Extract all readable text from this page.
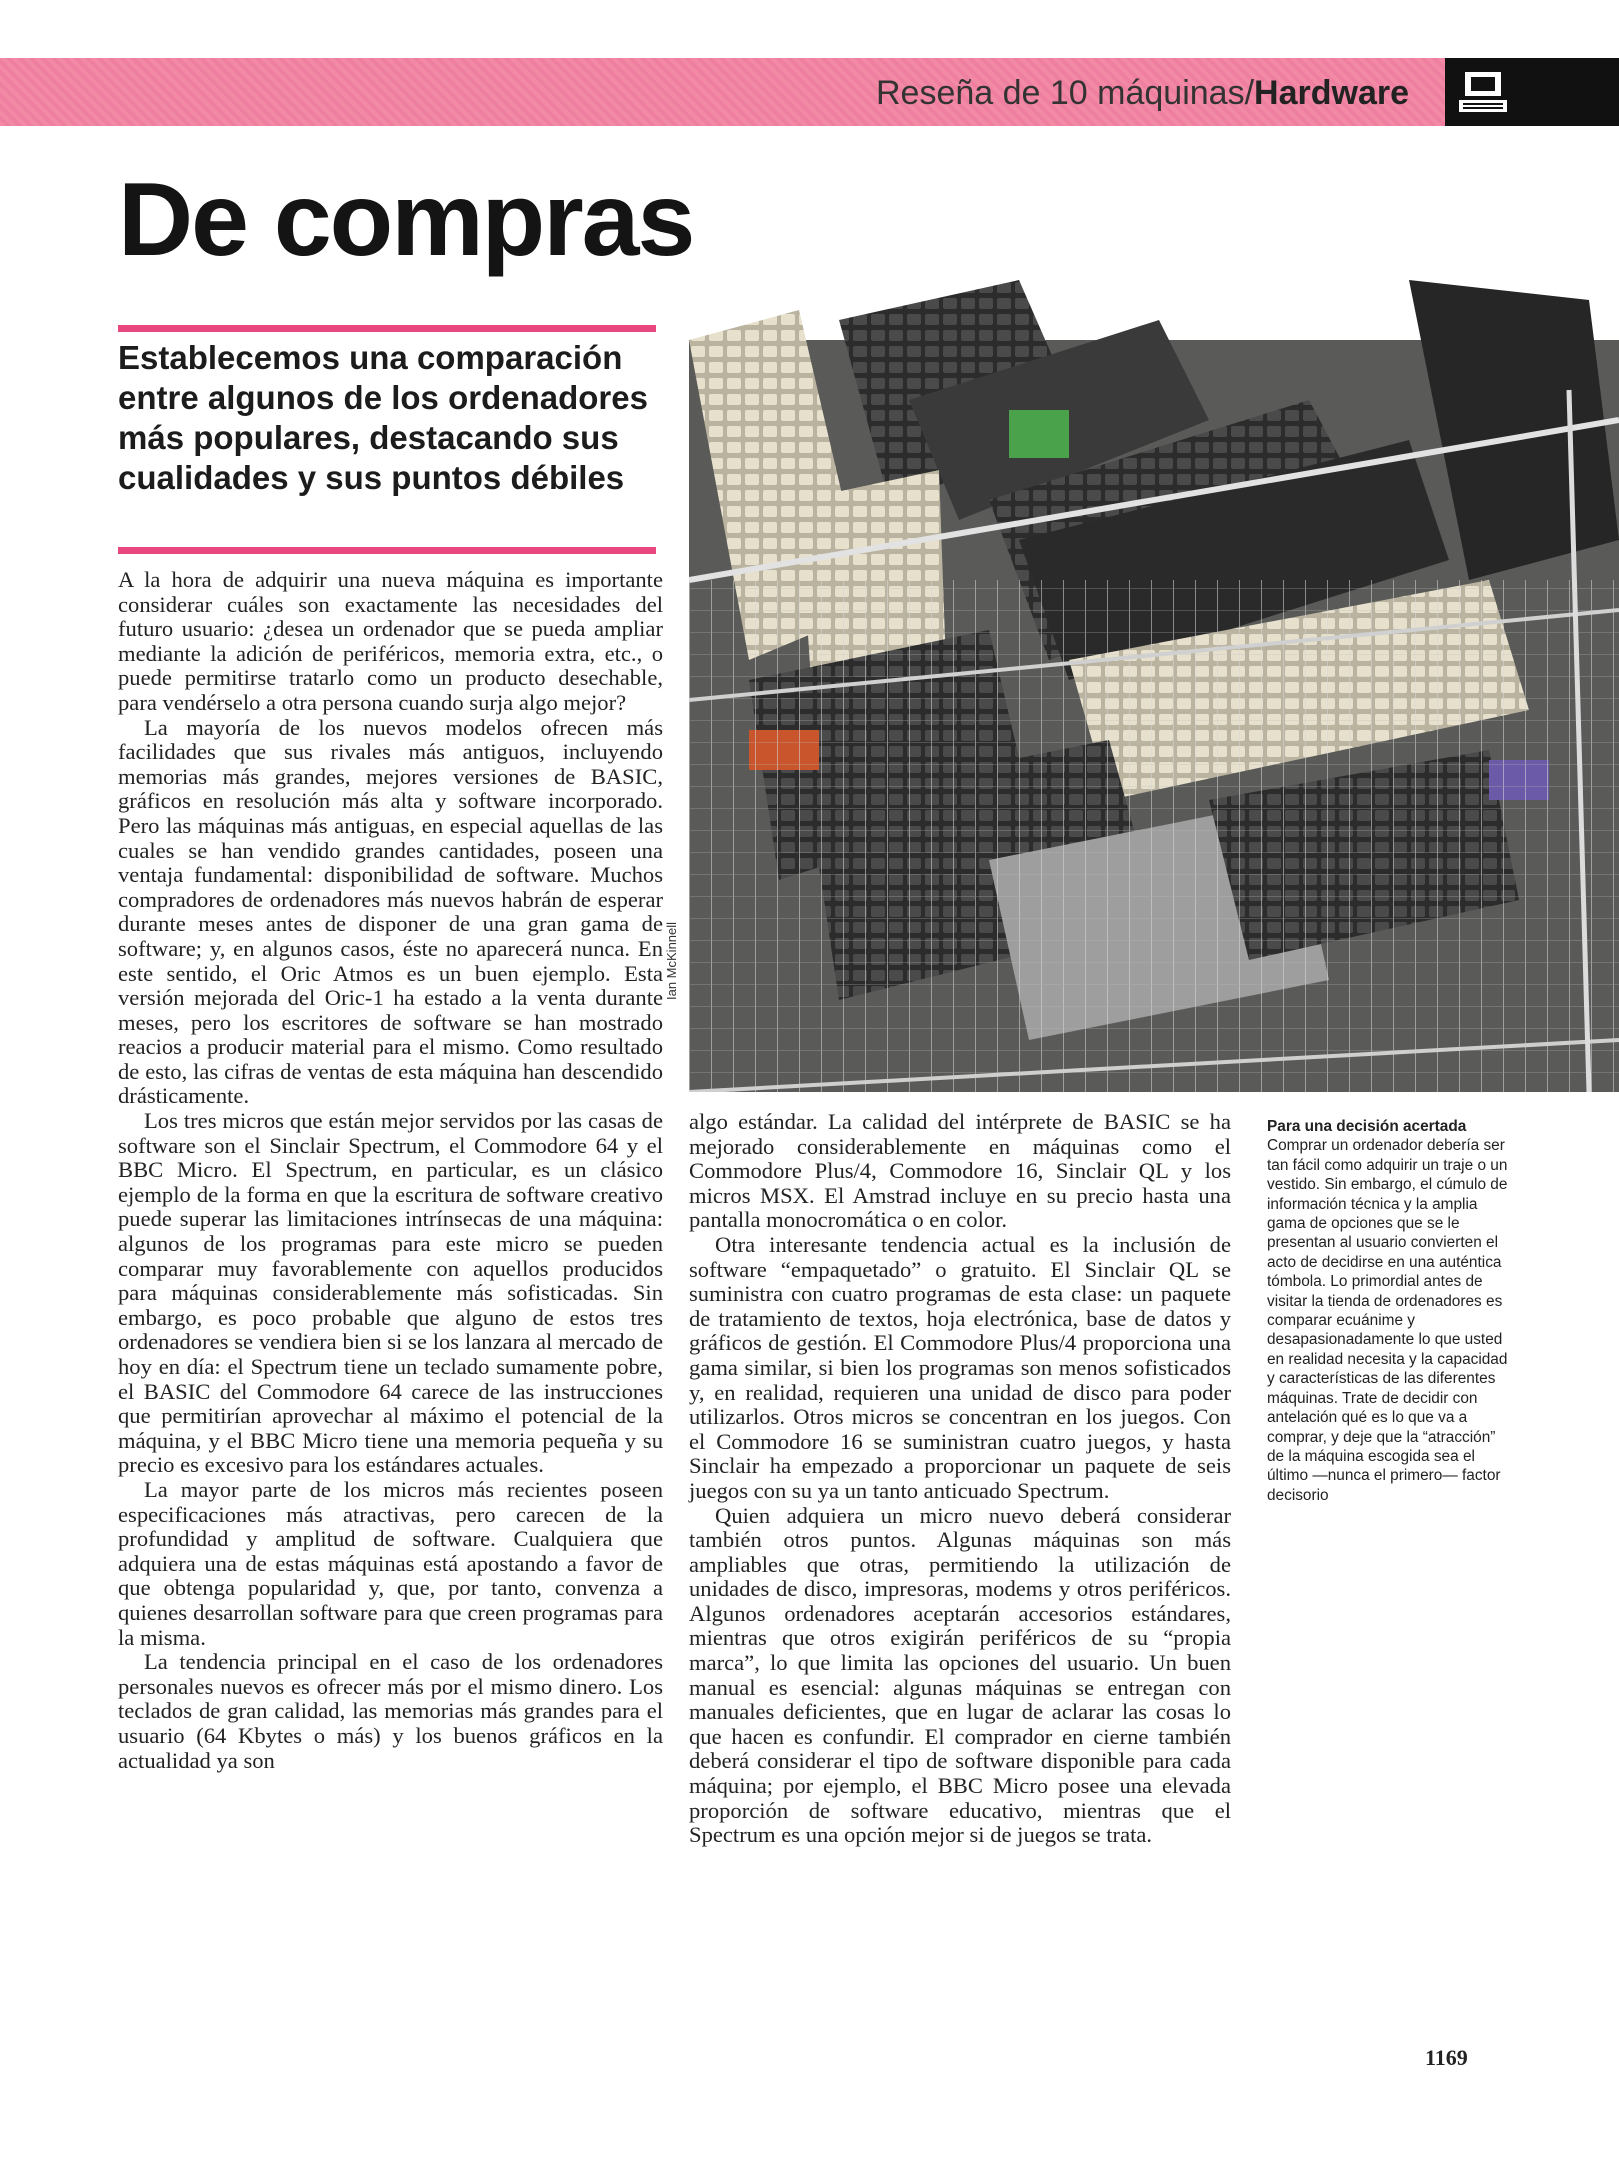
Reseña de 10 máquinas/Hardware
De compras
Establecemos una comparación entre algunos de los ordenadores más populares, destacando sus cualidades y sus puntos débiles

A la hora de adquirir una nueva máquina es importante considerar cuáles son exactamente las necesidades del futuro usuario: ¿desea un ordenador que se pueda ampliar mediante la adición de periféricos, memoria extra, etc., o puede permitirse tratarlo como un producto desechable, para vendérselo a otra persona cuando surja algo mejor?

La mayoría de los nuevos modelos ofrecen más facilidades que sus rivales más antiguos, incluyendo memorias más grandes, mejores versiones de BASIC, gráficos en resolución más alta y software incorporado. Pero las máquinas más antiguas, en especial aquellas de las cuales se han vendido grandes cantidades, poseen una ventaja fundamental: disponibilidad de software. Muchos compradores de ordenadores más nuevos habrán de esperar durante meses antes de disponer de una gran gama de software; y, en algunos casos, éste no aparecerá nunca. En este sentido, el Oric Atmos es un buen ejemplo. Esta versión mejorada del Oric-1 ha estado a la venta durante meses, pero los escritores de software se han mostrado reacios a producir material para el mismo. Como resultado de esto, las cifras de ventas de esta máquina han descendido drásticamente.

Los tres micros que están mejor servidos por las casas de software son el Sinclair Spectrum, el Commodore 64 y el BBC Micro. El Spectrum, en particular, es un clásico ejemplo de la forma en que la escritura de software creativo puede superar las limitaciones intrínsecas de una máquina: algunos de los programas para este micro se pueden comparar muy favorablemente con aquellos producidos para máquinas considerablemente más sofisticadas. Sin embargo, es poco probable que alguno de estos tres ordenadores se vendiera bien si se los lanzara al mercado de hoy en día: el Spectrum tiene un teclado sumamente pobre, el BASIC del Commodore 64 carece de las instrucciones que permitirían aprovechar al máximo el potencial de la máquina, y el BBC Micro tiene una memoria pequeña y su precio es excesivo para los estándares actuales.

La mayor parte de los micros más recientes poseen especificaciones más atractivas, pero carecen de la profundidad y amplitud de software. Cualquiera que adquiera una de estas máquinas está apostando a favor de que obtenga popularidad y, que, por tanto, convenza a quienes desarrollan software para que creen programas para la misma.

La tendencia principal en el caso de los ordenadores personales nuevos es ofrecer más por el mismo dinero. Los teclados de gran calidad, las memorias más grandes para el usuario (64 Kbytes o más) y los buenos gráficos en la actualidad ya son

Ian McKinnell

algo estándar. La calidad del intérprete de BASIC se ha mejorado considerablemente en máquinas como el Commodore Plus/4, Commodore 16, Sinclair QL y los micros MSX. El Amstrad incluye en su precio hasta una pantalla monocromática o en color.

Otra interesante tendencia actual es la inclusión de software “empaquetado” o gratuito. El Sinclair QL se suministra con cuatro programas de esta clase: un paquete de tratamiento de textos, hoja electrónica, base de datos y gráficos de gestión. El Commodore Plus/4 proporciona una gama similar, si bien los programas son menos sofisticados y, en realidad, requieren una unidad de disco para poder utilizarlos. Otros micros se concentran en los juegos. Con el Commodore 16 se suministran cuatro juegos, y hasta Sinclair ha empezado a proporcionar un paquete de seis juegos con su ya un tanto anticuado Spectrum.

Quien adquiera un micro nuevo deberá considerar también otros puntos. Algunas máquinas son más ampliables que otras, permitiendo la utilización de unidades de disco, impresoras, modems y otros periféricos. Algunos ordenadores aceptarán accesorios estándares, mientras que otros exigirán periféricos de su “propia marca”, lo que limita las opciones del usuario. Un buen manual es esencial: algunas máquinas se entregan con manuales deficientes, que en lugar de aclarar las cosas lo que hacen es confundir. El comprador en cierne también deberá considerar el tipo de software disponible para cada máquina; por ejemplo, el BBC Micro posee una elevada proporción de software educativo, mientras que el Spectrum es una opción mejor si de juegos se trata.

Para una decisión acertada
Comprar un ordenador debería ser tan fácil como adquirir un traje o un vestido. Sin embargo, el cúmulo de información técnica y la amplia gama de opciones que se le presentan al usuario convierten el acto de decidirse en una auténtica tómbola. Lo primordial antes de visitar la tienda de ordenadores es comparar ecuánime y desapasionadamente lo que usted en realidad necesita y la capacidad y características de las diferentes máquinas. Trate de decidir con antelación qué es lo que va a comprar, y deje que la “atracción” de la máquina escogida sea el último —nunca el primero— factor decisorio
1169
